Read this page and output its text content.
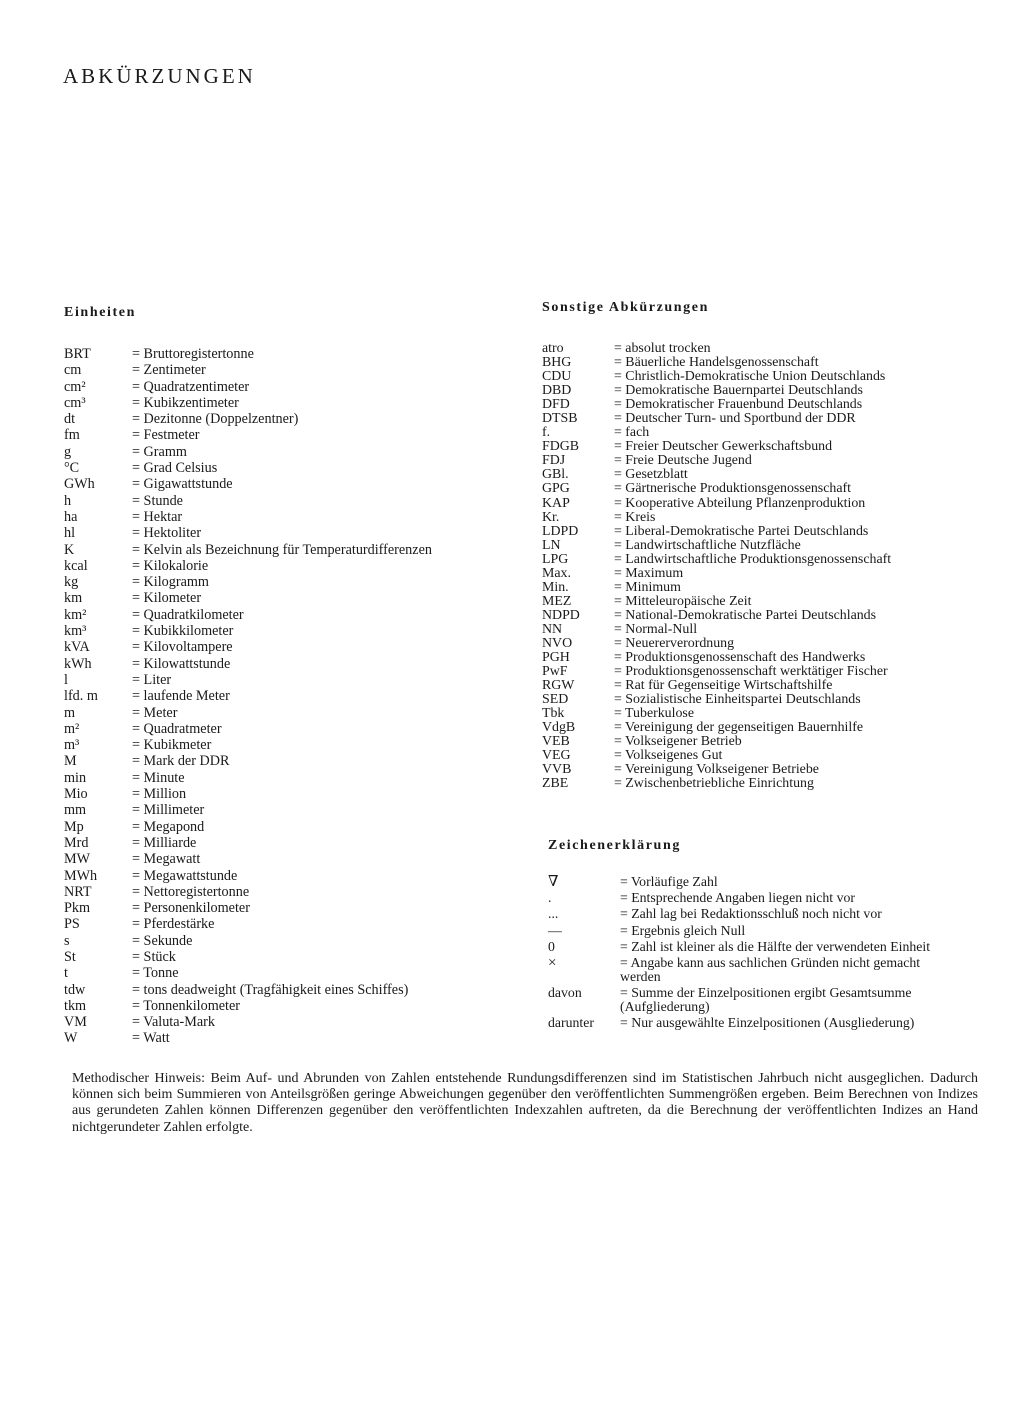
ABKÜRZUNGEN
Einheiten
BRT	= Bruttoregistertonne
cm	= Zentimeter
cm²	= Quadratzentimeter
cm³	= Kubikzentimeter
dt	= Dezitonne (Doppelzentner)
fm	= Festmeter
g	= Gramm
°C	= Grad Celsius
GWh	= Gigawattstunde
h	= Stunde
ha	= Hektar
hl	= Hektoliter
K	= Kelvin als Bezeichnung für Temperaturdifferenzen
kcal	= Kilokalorie
kg	= Kilogramm
km	= Kilometer
km²	= Quadratkilometer
km³	= Kubikkilometer
kVA	= Kilovoltampere
kWh	= Kilowattstunde
l	= Liter
lfd. m = laufende Meter
m	= Meter
m²	= Quadratmeter
m³	= Kubikmeter
M	= Mark der DDR
min	= Minute
Mio	= Million
mm	= Millimeter
Mp	= Megapond
Mrd	= Milliarde
MW	= Megawatt
MWh = Megawattstunde
NRT	= Nettoregistertonne
Pkm	= Personenkilometer
PS	= Pferdestärke
s	= Sekunde
St	= Stück
t	= Tonne
tdw	= tons deadweight (Tragfähigkeit eines Schiffes)
tkm	= Tonnenkilometer
VM	= Valuta-Mark
W	= Watt
Sonstige Abkürzungen
atro	= absolut trocken
BHG	= Bäuerliche Handelsgenossenschaft
CDU	= Christlich-Demokratische Union Deutschlands
DBD	= Demokratische Bauernpartei Deutschlands
DFD	= Demokratischer Frauenbund Deutschlands
DTSB	= Deutscher Turn- und Sportbund der DDR
f.	= fach
FDGB	= Freier Deutscher Gewerkschaftsbund
FDJ	= Freie Deutsche Jugend
GBl.	= Gesetzblatt
GPG	= Gärtnerische Produktionsgenossenschaft
KAP	= Kooperative Abteilung Pflanzenproduktion
Kr.	= Kreis
LDPD	= Liberal-Demokratische Partei Deutschlands
LN	= Landwirtschaftliche Nutzfläche
LPG	= Landwirtschaftliche Produktionsgenossenschaft
Max.	= Maximum
Min.	= Minimum
MEZ	= Mitteleuropäische Zeit
NDPD = National-Demokratische Partei Deutschlands
NN	= Normal-Null
NVO	= Neuererverordnung
PGH	= Produktionsgenossenschaft des Handwerks
PwF	= Produktionsgenossenschaft werktätiger Fischer
RGW	= Rat für Gegenseitige Wirtschaftshilfe
SED	= Sozialistische Einheitspartei Deutschlands
Tbk	= Tuberkulose
VdgB	= Vereinigung der gegenseitigen Bauernhilfe
VEB	= Volkseigener Betrieb
VEG	= Volkseigenes Gut
VVB	= Vereinigung Volkseigener Betriebe
ZBE	= Zwischenbetriebliche Einrichtung
Zeichenerklärung
∇	= Vorläufige Zahl
.	= Entsprechende Angaben liegen nicht vor
...	= Zahl lag bei Redaktionsschluß noch nicht vor
—	= Ergebnis gleich Null
0	= Zahl ist kleiner als die Hälfte der verwendeten Einheit
×	= Angabe kann aus sachlichen Gründen nicht gemacht werden
davon	= Summe der Einzelpositionen ergibt Gesamtsumme (Aufgliederung)
darunter = Nur ausgewählte Einzelpositionen (Ausgliederung)
Methodischer Hinweis: Beim Auf- und Abrunden von Zahlen entstehende Rundungsdifferenzen sind im Statistischen Jahrbuch nicht ausgeglichen. Dadurch können sich beim Summieren von Anteilsgrößen geringe Abweichungen gegenüber den veröffentlichten Summengrößen ergeben. Beim Berechnen von Indizes aus gerundeten Zahlen können Differenzen gegenüber den veröffentlichten Indexzahlen auftreten, da die Berechnung der veröffentlichten Indizes an Hand nichtgerundeter Zahlen erfolgte.
